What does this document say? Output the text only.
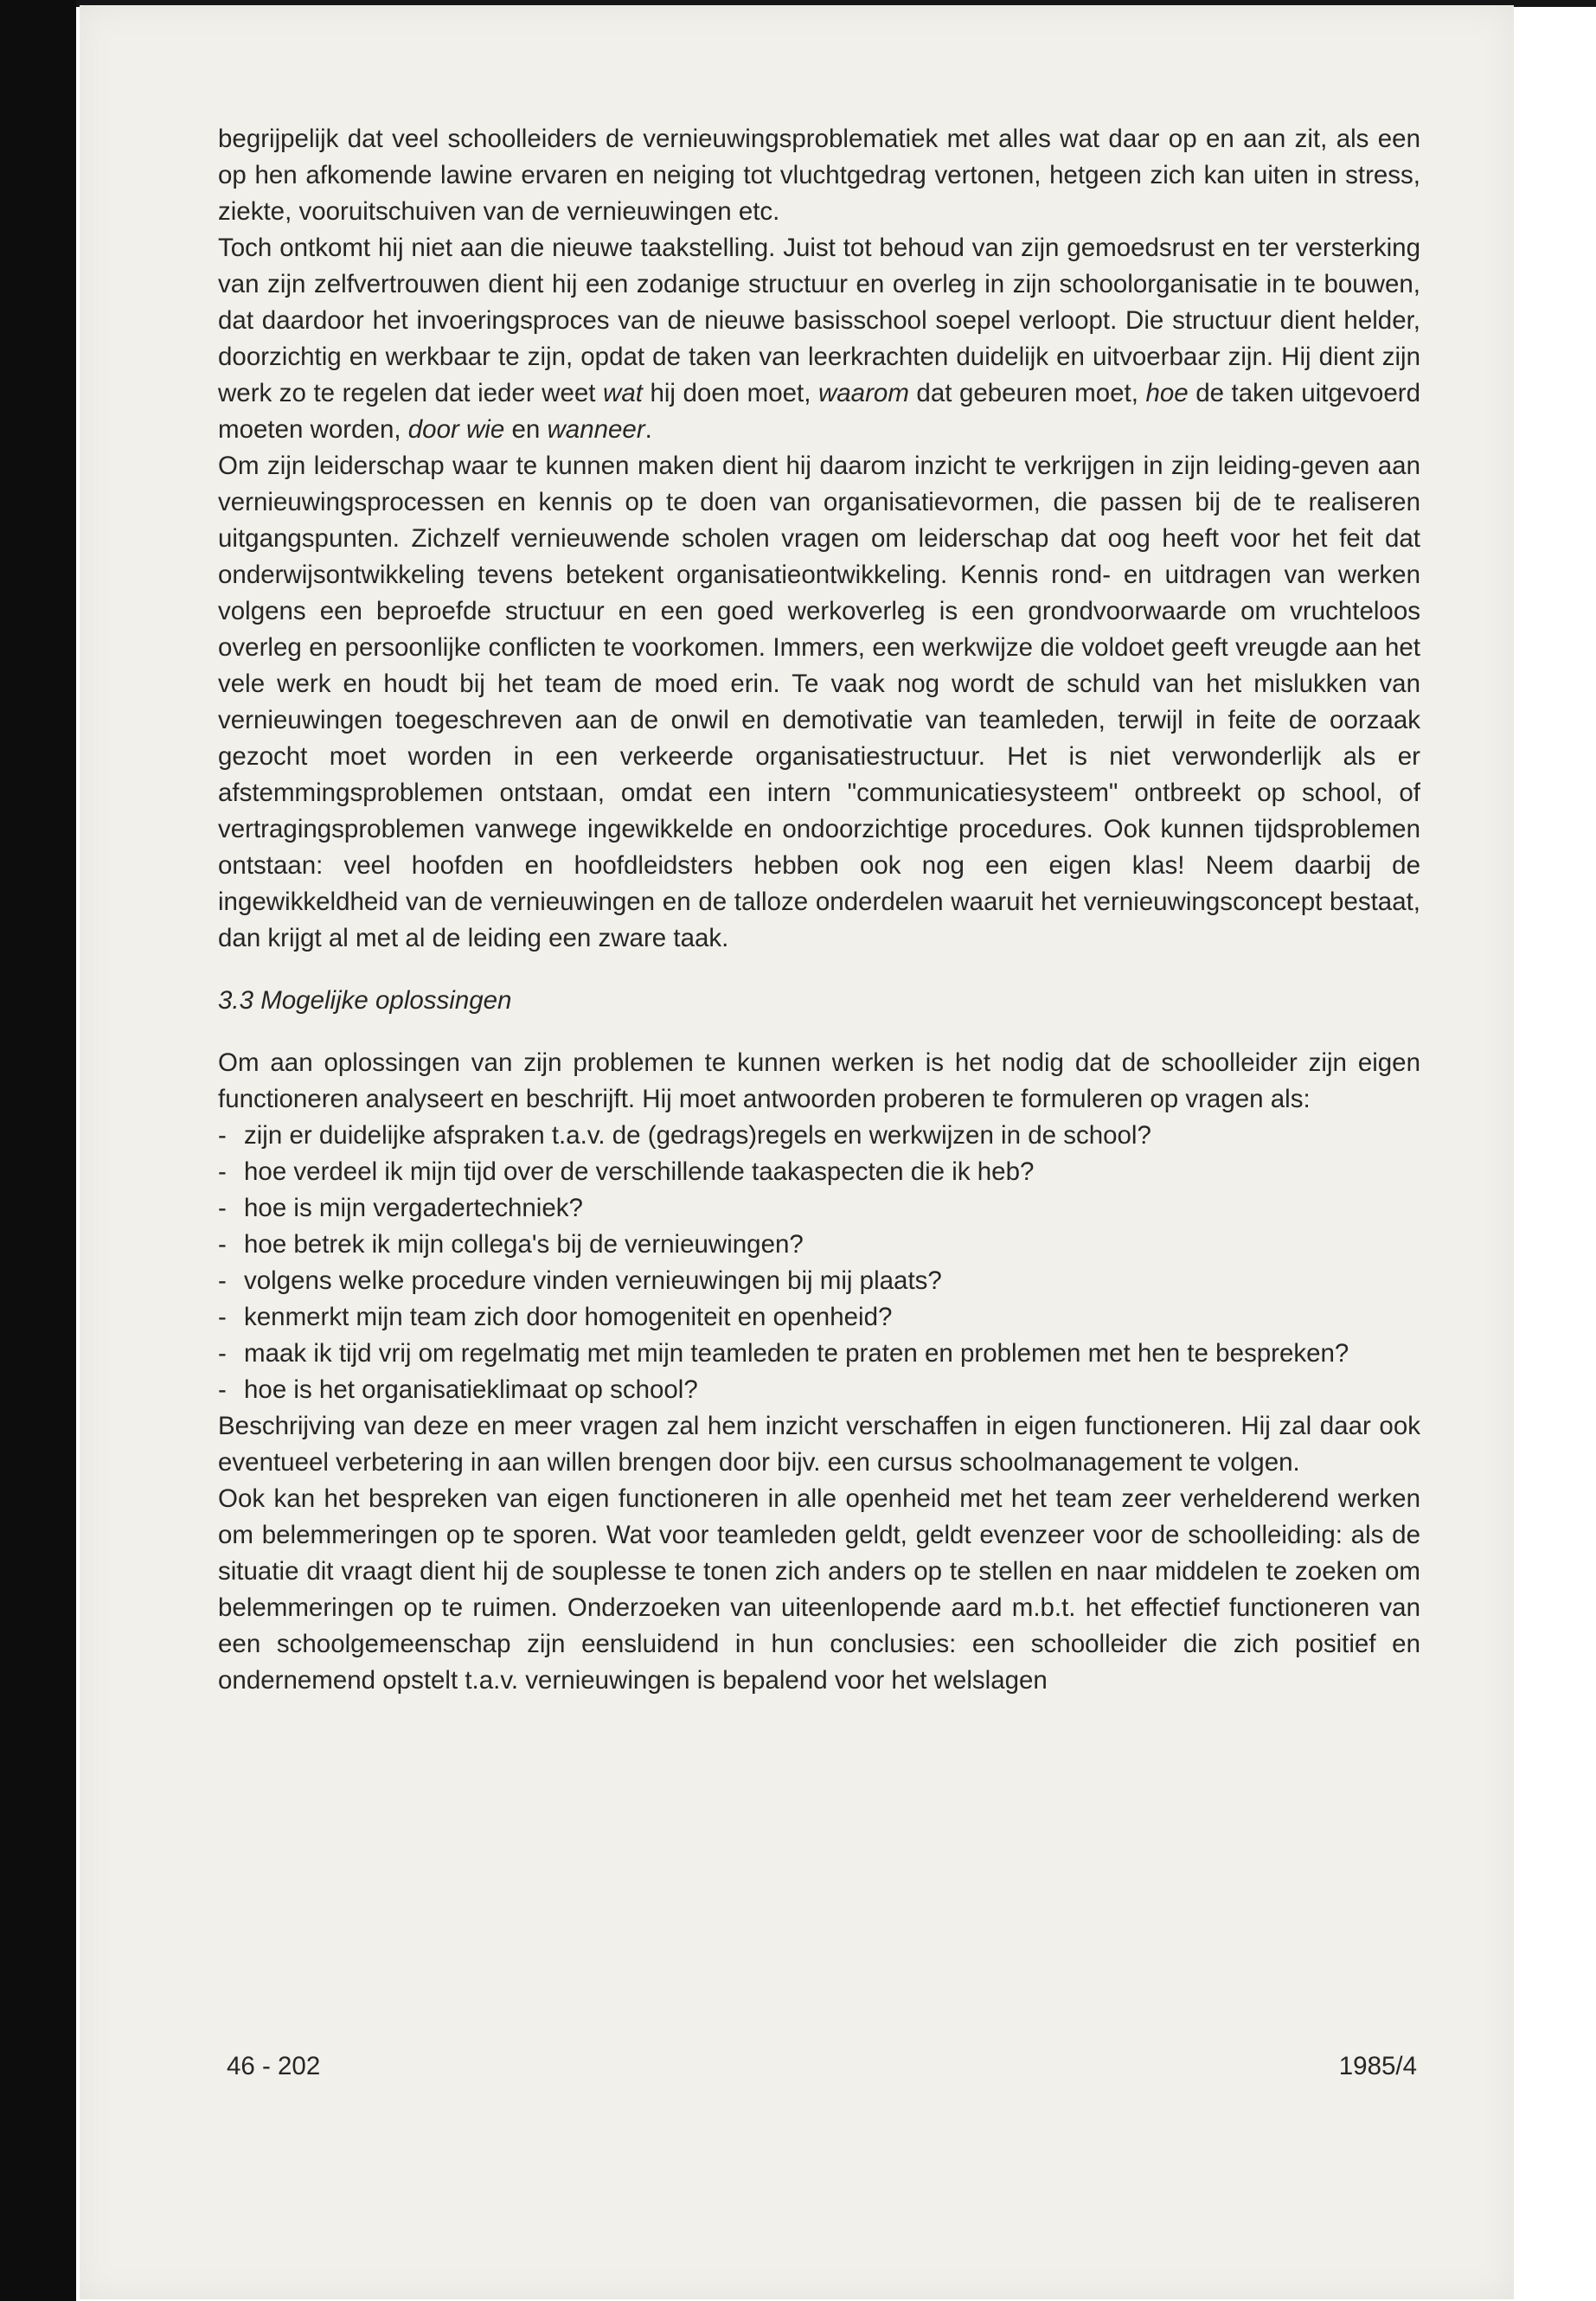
begrijpelijk dat veel schoolleiders de vernieuwingsproblematiek met alles wat daar op en aan zit, als een op hen afkomende lawine ervaren en neiging tot vluchtgedrag vertonen, hetgeen zich kan uiten in stress, ziekte, vooruitschuiven van de vernieuwingen etc.

Toch ontkomt hij niet aan die nieuwe taakstelling. Juist tot behoud van zijn gemoedsrust en ter versterking van zijn zelfvertrouwen dient hij een zodanige structuur en overleg in zijn schoolorganisatie in te bouwen, dat daardoor het invoeringsproces van de nieuwe basisschool soepel verloopt. Die structuur dient helder, doorzichtig en werkbaar te zijn, opdat de taken van leerkrachten duidelijk en uitvoerbaar zijn. Hij dient zijn werk zo te regelen dat ieder weet wat hij doen moet, waarom dat gebeuren moet, hoe de taken uitgevoerd moeten worden, door wie en wanneer.

Om zijn leiderschap waar te kunnen maken dient hij daarom inzicht te verkrijgen in zijn leiding-geven aan vernieuwingsprocessen en kennis op te doen van organisatievormen, die passen bij de te realiseren uitgangspunten. Zichzelf vernieuwende scholen vragen om leiderschap dat oog heeft voor het feit dat onderwijsontwikkeling tevens betekent organisatieontwikkeling. Kennis rond- en uitdragen van werken volgens een beproefde structuur en een goed werkoverleg is een grondvoorwaarde om vruchteloos overleg en persoonlijke conflicten te voorkomen. Immers, een werkwijze die voldoet geeft vreugde aan het vele werk en houdt bij het team de moed erin. Te vaak nog wordt de schuld van het mislukken van vernieuwingen toegeschreven aan de onwil en demotivatie van teamleden, terwijl in feite de oorzaak gezocht moet worden in een verkeerde organisatiestructuur. Het is niet verwonderlijk als er afstemmingsproblemen ontstaan, omdat een intern "communicatiesysteem" ontbreekt op school, of vertragingsproblemen vanwege ingewikkelde en ondoorzichtige procedures. Ook kunnen tijdsproblemen ontstaan: veel hoofden en hoofdleidsters hebben ook nog een eigen klas! Neem daarbij de ingewikkeldheid van de vernieuwingen en de talloze onderdelen waaruit het vernieuwingsconcept bestaat, dan krijgt al met al de leiding een zware taak.

3.3 Mogelijke oplossingen

Om aan oplossingen van zijn problemen te kunnen werken is het nodig dat de schoolleider zijn eigen functioneren analyseert en beschrijft. Hij moet antwoorden proberen te formuleren op vragen als:

- zijn er duidelijke afspraken t.a.v. de (gedrags)regels en werkwijzen in de school?
- hoe verdeel ik mijn tijd over de verschillende taakaspecten die ik heb?
- hoe is mijn vergadertechniek?
- hoe betrek ik mijn collega's bij de vernieuwingen?
- volgens welke procedure vinden vernieuwingen bij mij plaats?
- kenmerkt mijn team zich door homogeniteit en openheid?
- maak ik tijd vrij om regelmatig met mijn teamleden te praten en problemen met hen te bespreken?
- hoe is het organisatieklimaat op school?

Beschrijving van deze en meer vragen zal hem inzicht verschaffen in eigen functioneren. Hij zal daar ook eventueel verbetering in aan willen brengen door bijv. een cursus schoolmanagement te volgen.

Ook kan het bespreken van eigen functioneren in alle openheid met het team zeer verhelderend werken om belemmeringen op te sporen. Wat voor teamleden geldt, geldt evenzeer voor de schoolleiding: als de situatie dit vraagt dient hij de souplesse te tonen zich anders op te stellen en naar middelen te zoeken om belemmeringen op te ruimen. Onderzoeken van uiteenlopende aard m.b.t. het effectief functioneren van een schoolgemeenschap zijn eensluidend in hun conclusies: een schoolleider die zich positief en ondernemend opstelt t.a.v. vernieuwingen is bepalend voor het welslagen

46 - 202	1985/4
